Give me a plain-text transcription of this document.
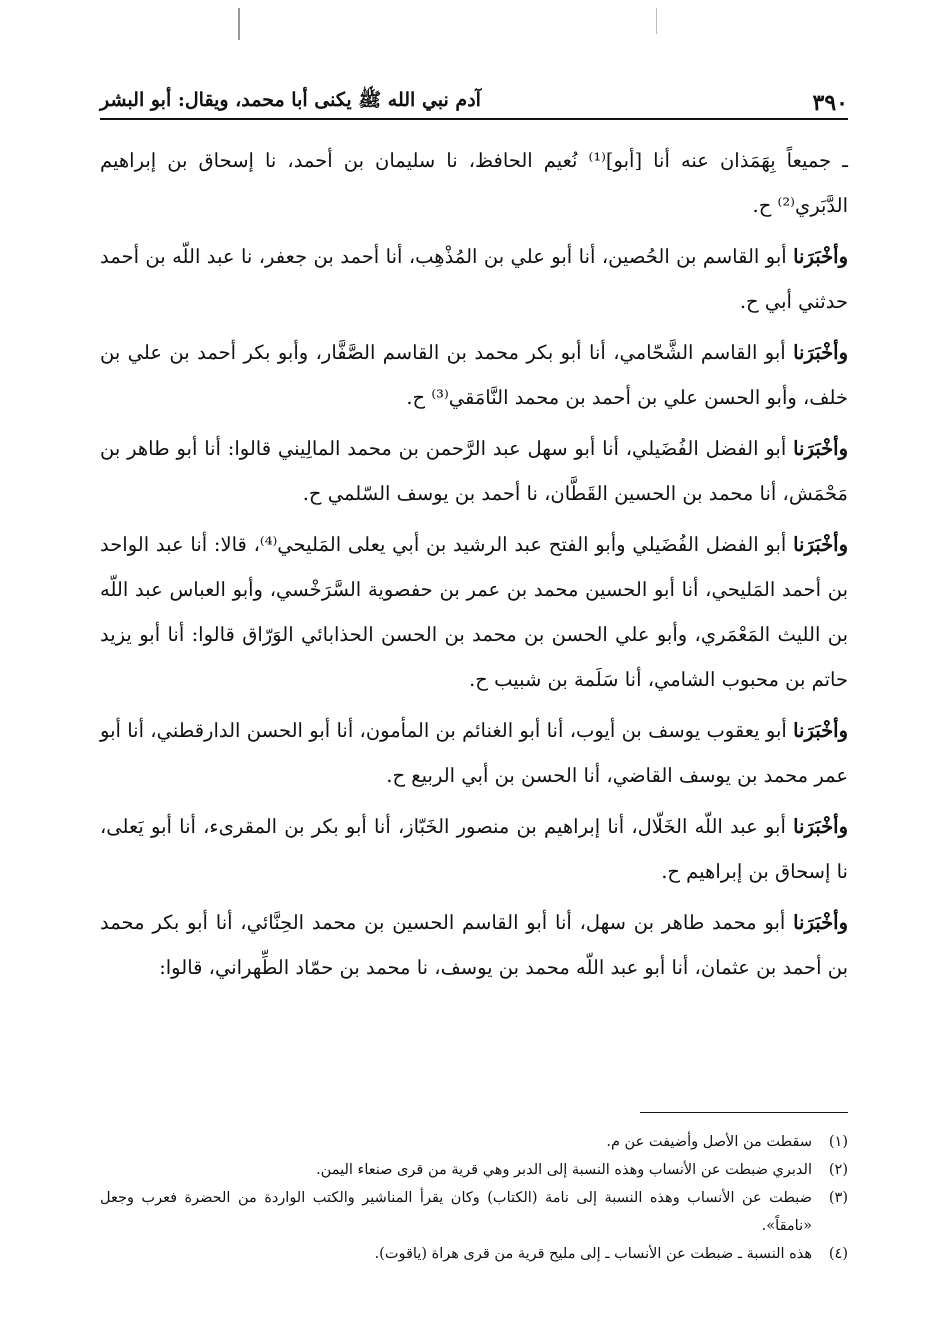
٣٩٠
آدم نبي الله ﷺ يكنى أبا محمد، ويقال: أبو البشر

ـ جميعاً بِهَمَذان عنه أنا [أبو]⁽¹⁾ نُعيم الحافظ، نا سليمان بن أحمد، نا إسحاق بن إبراهيم الدَّبَري⁽²⁾ ح.

وأخْبَرَنا أبو القاسم بن الحُصين، أنا أبو علي بن المُذْهِب، أنا أحمد بن جعفر، نا عبد اللّه بن أحمد حدثني أبي ح.

وأخْبَرَنا أبو القاسم الشَّحّامي، أنا أبو بكر محمد بن القاسم الصَّفَّار، وأبو بكر أحمد بن علي بن خلف، وأبو الحسن علي بن أحمد بن محمد النَّامَقي⁽³⁾ ح.

وأخْبَرَنا أبو الفضل الفُضَيلي، أنا أبو سهل عبد الرَّحمن بن محمد المالِيني قالوا: أنا أبو طاهر بن مَحْمَش، أنا محمد بن الحسين القَطَّان، نا أحمد بن يوسف السّلمي ح.

وأخْبَرَنا أبو الفضل الفُضَيلي وأبو الفتح عبد الرشيد بن أبي يعلى المَليحي⁽⁴⁾، قالا: أنا عبد الواحد بن أحمد المَليحي، أنا أبو الحسين محمد بن عمر بن حفصوية السَّرَخْسي، وأبو العباس عبد اللّه بن الليث المَعْمَري، وأبو علي الحسن بن محمد بن الحسن الحذابائي الوَرّاق قالوا: أنا أبو يزيد حاتم بن محبوب الشامي، أنا سَلَمة بن شبيب ح.

وأخْبَرَنا أبو يعقوب يوسف بن أيوب، أنا أبو الغنائم بن المأمون، أنا أبو الحسن الدارقطني، أنا أبو عمر محمد بن يوسف القاضي، أنا الحسن بن أبي الربيع ح.

وأخْبَرَنا أبو عبد اللّه الخَلّال، أنا إبراهيم بن منصور الخَبّاز، أنا أبو بكر بن المقرىء، أنا أبو يَعلى، نا إسحاق بن إبراهيم ح.

وأخْبَرَنا أبو محمد طاهر بن سهل، أنا أبو القاسم الحسين بن محمد الحِنَّائي، أنا أبو بكر محمد بن أحمد بن عثمان، أنا أبو عبد اللّه محمد بن يوسف، نا محمد بن حمّاد الطِّهراني، قالوا:

(١)
سقطت من الأصل وأضيفت عن م.
(٢)
الدبري ضبطت عن الأنساب وهذه النسبة إلى الدبر وهي قرية من قرى صنعاء اليمن.
(٣)
ضبطت عن الأنساب وهذه النسبة إلى نامة (الكتاب) وكان يقرأ المناشير والكتب الواردة من الحضرة فعرب وجعل «نامقاً».
(٤)
هذه النسبة ـ ضبطت عن الأنساب ـ إلى مليح قرية من قرى هراة (ياقوت).
